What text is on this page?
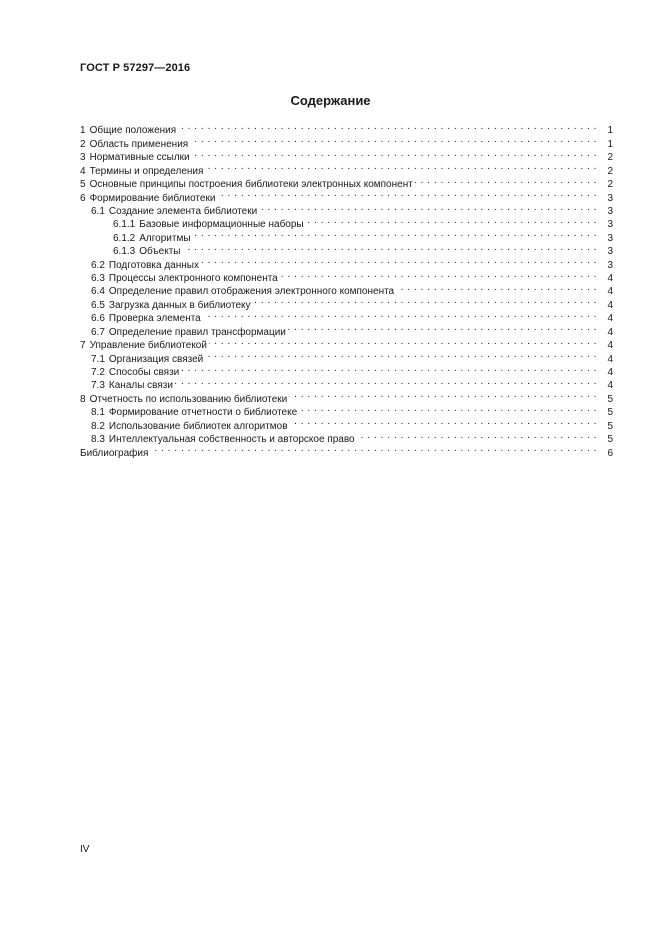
ГОСТ Р 57297—2016
Содержание
1 Общие положения . . .	1
2 Область применения . . .	1
3 Нормативные ссылки . . .	2
4 Термины и определения . . .	2
5 Основные принципы построения библиотеки электронных компонент . . .	2
6 Формирование библиотеки . . .	3
6.1 Создание элемента библиотеки . . .	3
6.1.1 Базовые информационные наборы . . .	3
6.1.2 Алгоритмы . . .	3
6.1.3 Объекты . . .	3
6.2 Подготовка данных . . .	3
6.3 Процессы электронного компонента . . .	4
6.4 Определение правил отображения электронного компонента . . .	4
6.5 Загрузка данных в библиотеку . . .	4
6.6 Проверка элемента . . .	4
6.7 Определение правил трансформации . . .	4
7 Управление библиотекой . . .	4
7.1 Организация связей . . .	4
7.2 Способы связи . . .	4
7.3 Каналы связи . . .	4
8 Отчетность по использованию библиотеки . . .	5
8.1 Формирование отчетности о библиотеке . . .	5
8.2 Использование библиотек алгоритмов . . .	5
8.3 Интеллектуальная собственность и авторское право . . .	5
Библиография . . .	6
IV
